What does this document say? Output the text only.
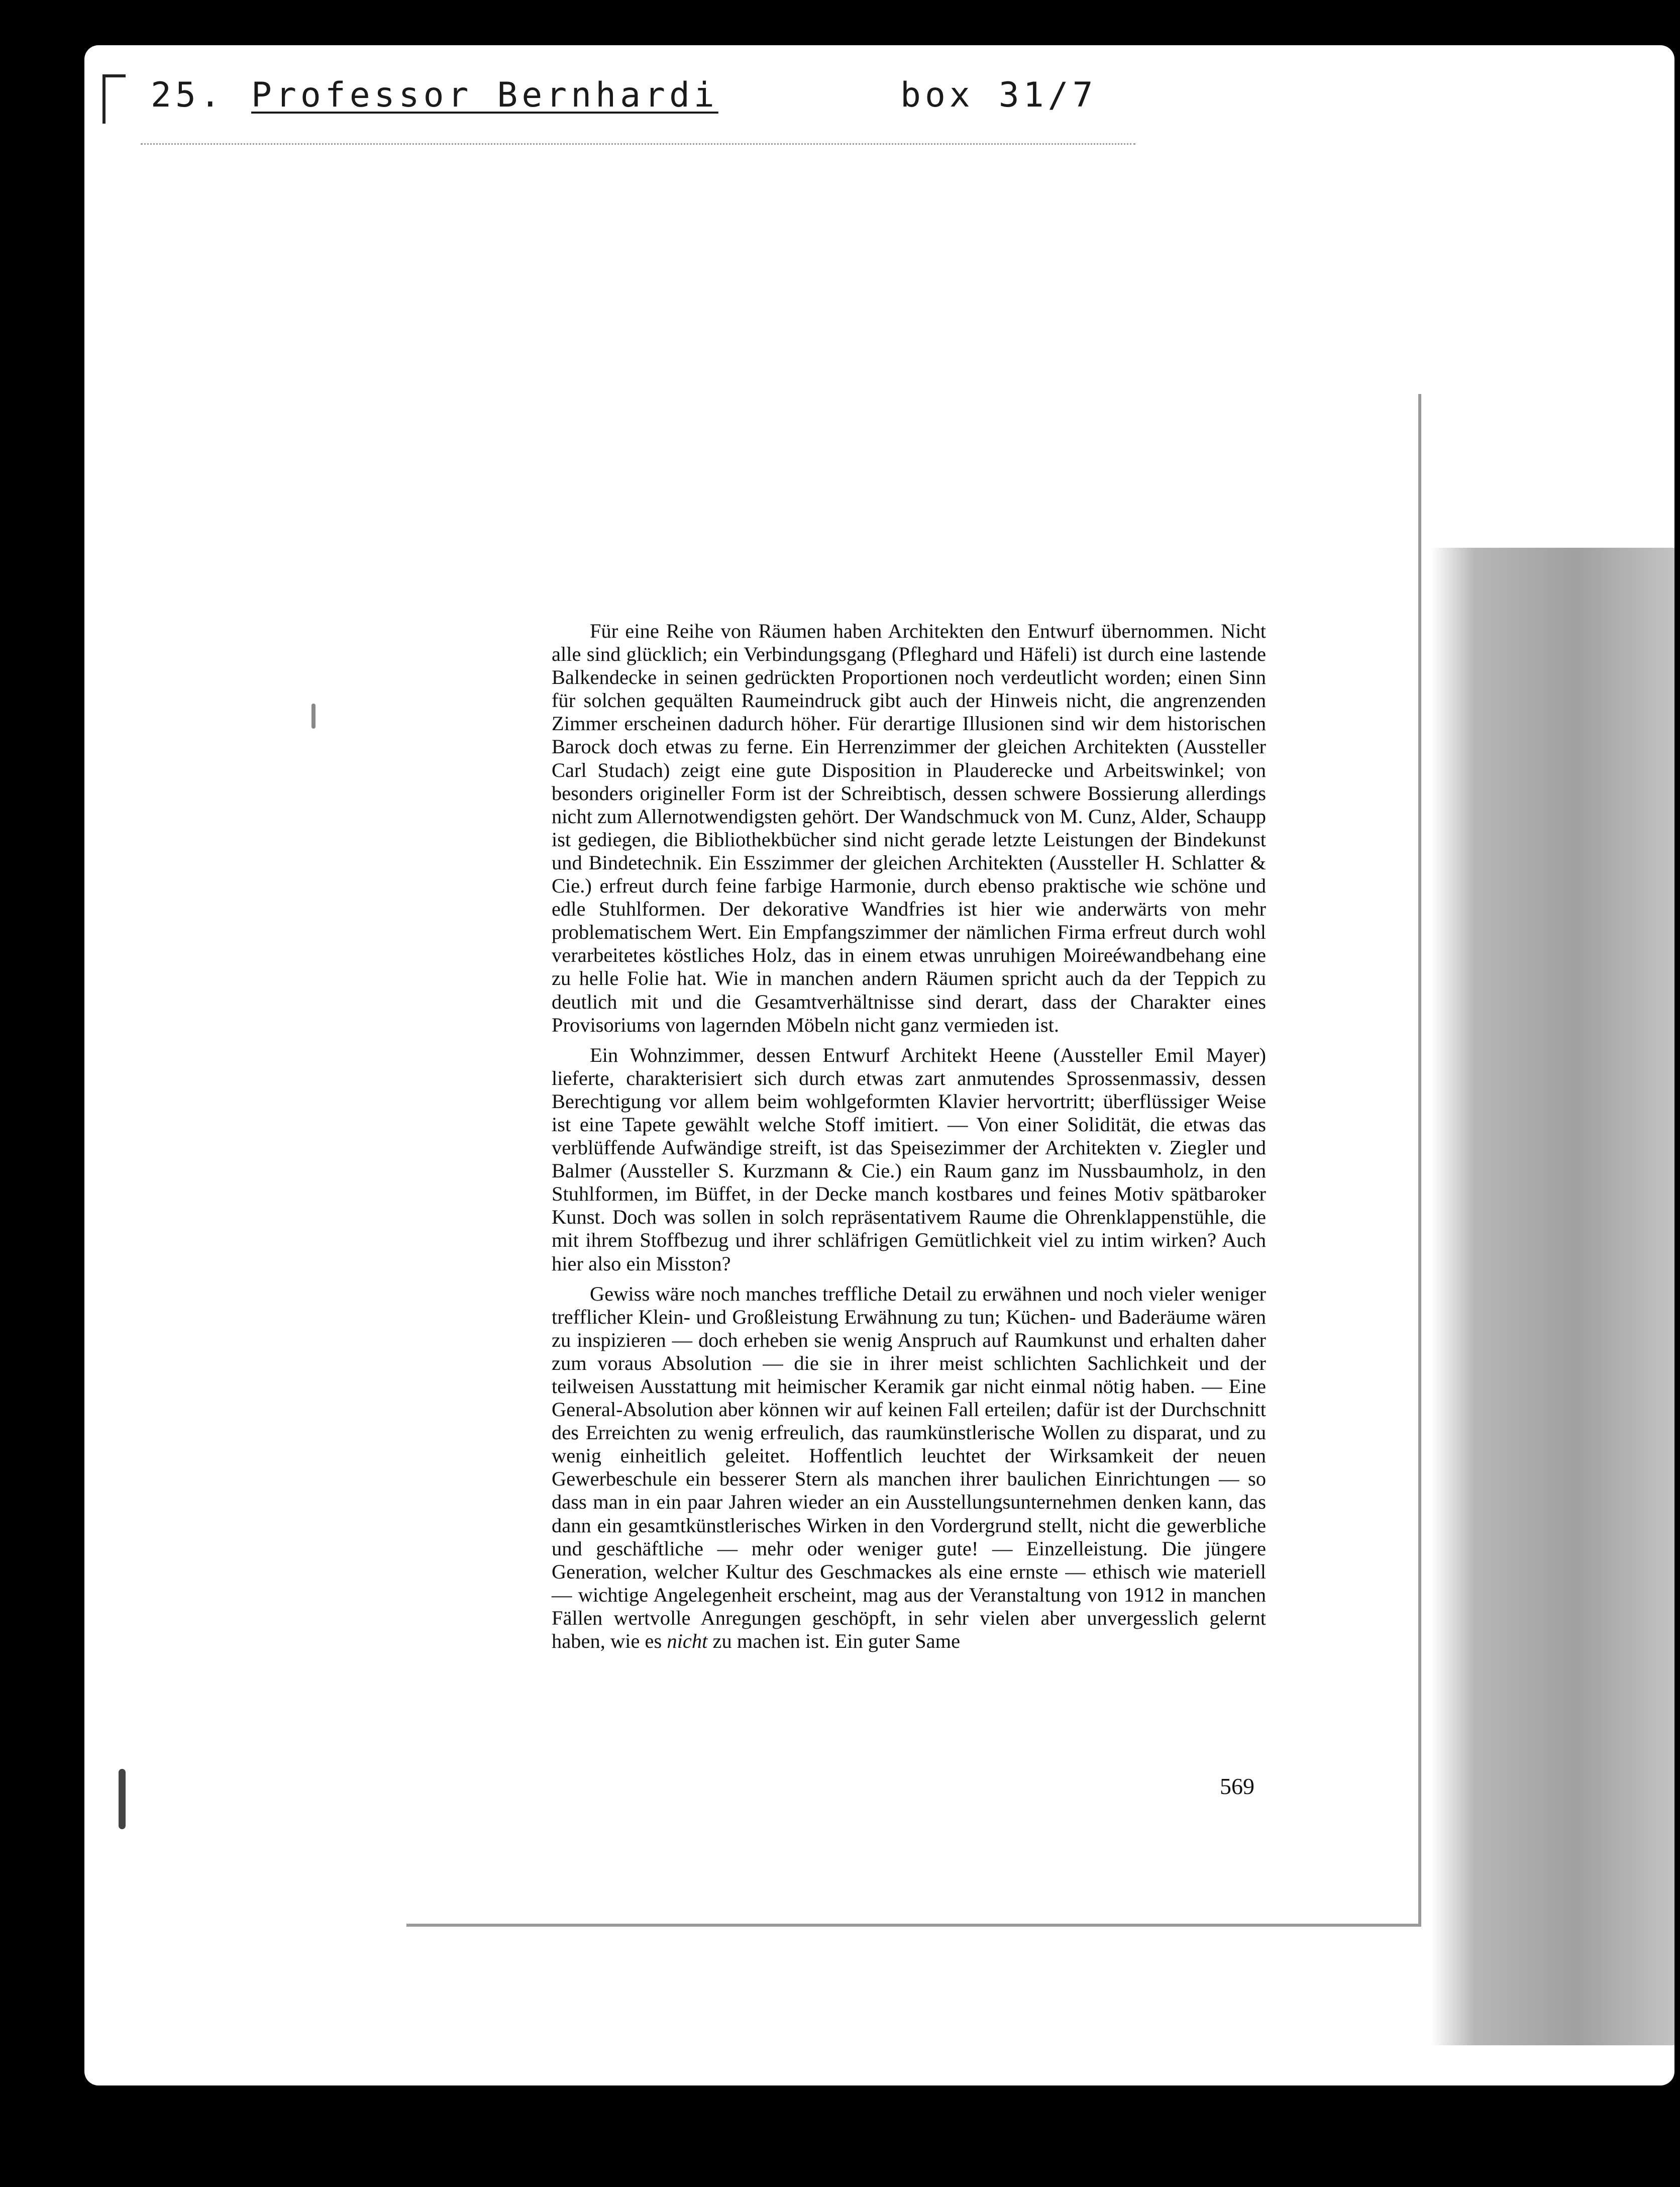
25. Professor Bernhardi	box 31/7

Für eine Reihe von Räumen haben Architekten den Entwurf übernommen. Nicht alle sind glücklich; ein Verbindungsgang (Pfleghard und Häfeli) ist durch eine lastende Balkendecke in seinen gedrückten Proportionen noch verdeutlicht worden; einen Sinn für solchen gequälten Raumeindruck gibt auch der Hinweis nicht, die angrenzenden Zimmer erscheinen dadurch höher. Für derartige Illusionen sind wir dem historischen Barock doch etwas zu ferne. Ein Herrenzimmer der gleichen Architekten (Aussteller Carl Studach) zeigt eine gute Disposition in Plauderecke und Arbeitswinkel; von besonders origineller Form ist der Schreibtisch, dessen schwere Bossierung allerdings nicht zum Allernotwendigsten gehört. Der Wandschmuck von M. Cunz, Alder, Schaupp ist gediegen, die Bibliothekbücher sind nicht gerade letzte Leistungen der Bindekunst und Bindetechnik. Ein Esszimmer der gleichen Architekten (Aussteller H. Schlatter & Cie.) erfreut durch feine farbige Harmonie, durch ebenso praktische wie schöne und edle Stuhlformen. Der dekorative Wandfries ist hier wie anderwärts von mehr problematischem Wert. Ein Empfangszimmer der nämlichen Firma erfreut durch wohl verarbeitetes köstliches Holz, das in einem etwas unruhigen Moireéwandbehang eine zu helle Folie hat. Wie in manchen andern Räumen spricht auch da der Teppich zu deutlich mit und die Gesamtverhältnisse sind derart, dass der Charakter eines Provisoriums von lagernden Möbeln nicht ganz vermieden ist.

Ein Wohnzimmer, dessen Entwurf Architekt Heene (Aussteller Emil Mayer) lieferte, charakterisiert sich durch etwas zart anmutendes Sprossenmassiv, dessen Berechtigung vor allem beim wohlgeformten Klavier hervortritt; überflüssiger Weise ist eine Tapete gewählt welche Stoff imitiert. — Von einer Solidität, die etwas das verblüffende Aufwändige streift, ist das Speisezimmer der Architekten v. Ziegler und Balmer (Aussteller S. Kurzmann & Cie.) ein Raum ganz im Nussbaumholz, in den Stuhlformen, im Büffet, in der Decke manch kostbares und feines Motiv spätbaroker Kunst. Doch was sollen in solch repräsentativem Raume die Ohrenklappenstühle, die mit ihrem Stoffbezug und ihrer schläfrigen Gemütlichkeit viel zu intim wirken? Auch hier also ein Misston?

Gewiss wäre noch manches treffliche Detail zu erwähnen und noch vieler weniger trefflicher Klein- und Großleistung Erwähnung zu tun; Küchen- und Baderäume wären zu inspizieren — doch erheben sie wenig Anspruch auf Raumkunst und erhalten daher zum voraus Absolution — die sie in ihrer meist schlichten Sachlichkeit und der teilweisen Ausstattung mit heimischer Keramik gar nicht einmal nötig haben. — Eine General-Absolution aber können wir auf keinen Fall erteilen; dafür ist der Durchschnitt des Erreichten zu wenig erfreulich, das raumkünstlerische Wollen zu disparat, und zu wenig einheitlich geleitet. Hoffentlich leuchtet der Wirksamkeit der neuen Gewerbeschule ein besserer Stern als manchen ihrer baulichen Einrichtungen — so dass man in ein paar Jahren wieder an ein Ausstellungsunternehmen denken kann, das dann ein gesamtkünstlerisches Wirken in den Vordergrund stellt, nicht die gewerbliche und geschäftliche — mehr oder weniger gute! — Einzelleistung. Die jüngere Generation, welcher Kultur des Geschmackes als eine ernste — ethisch wie materiell — wichtige Angelegenheit erscheint, mag aus der Veranstaltung von 1912 in manchen Fällen wertvolle Anregungen geschöpft, in sehr vielen aber unvergesslich gelernt haben, wie es nicht zu machen ist. Ein guter Same

569
